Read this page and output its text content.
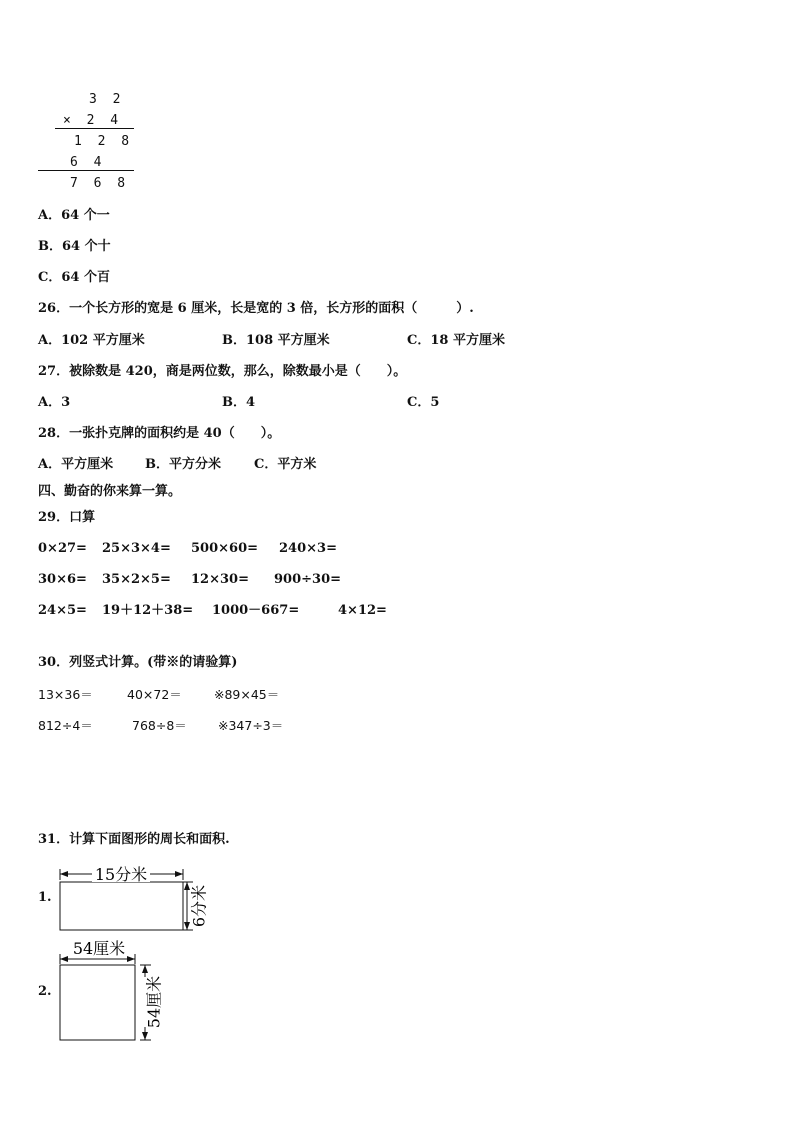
3 2
× 2 4
1 2 8
6 4
7 6 8
A．64 个一
B．64 个十
C．64 个百
26．一个长方形的宽是 6 厘米，长是宽的 3 倍，长方形的面积（　　　）.
A．102 平方厘米	B．108 平方厘米	C．18 平方厘米
27．被除数是 420，商是两位数，那么，除数最小是（　　）。
A．3	B．4	C．5
28．一张扑克牌的面积约是 40（　　）。
A．平方厘米 B．平方分米	C．平方米
四、勤奋的你来算一算。
29．口算
0×27= 25×3×4= 500×60= 240×3=
30×6= 35×2×5= 12×30= 900÷30=
24×5= 19＋12＋38= 1000－667=	4×12=
30．列竖式计算。(带※的请验算)
13×36＝	40×72＝	※89×45＝
812÷4＝	768÷8＝ ※347÷3＝
31．计算下面图形的周长和面积.
1.
15分米
6分米
2.
54厘米
54厘米
